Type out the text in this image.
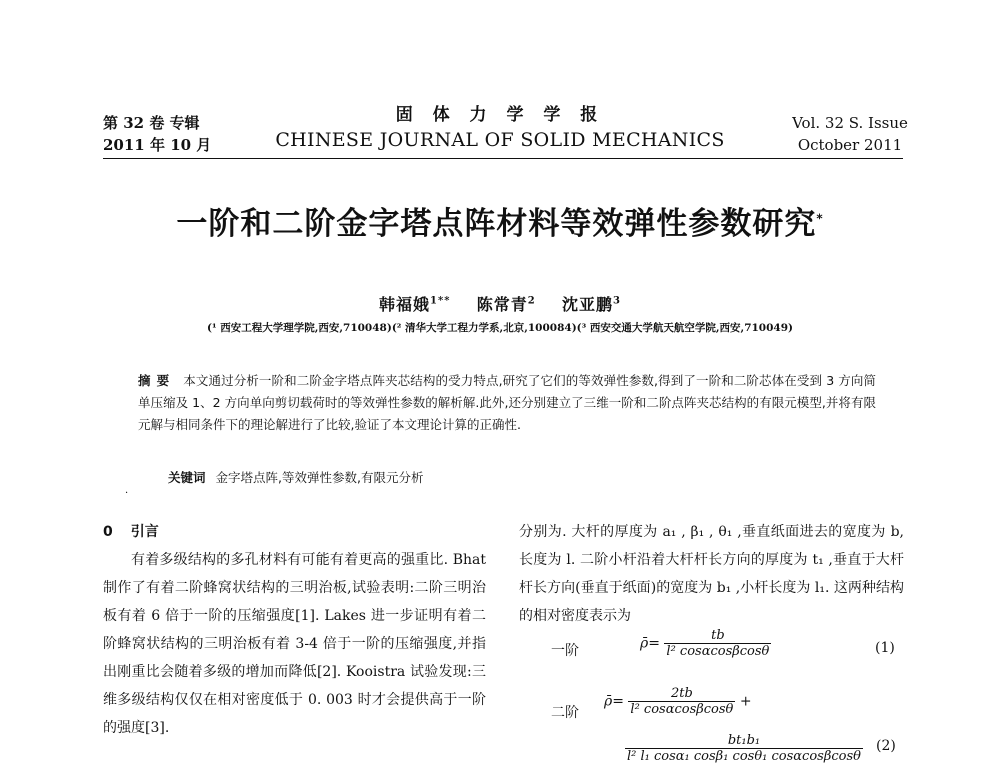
第 32 卷 专辑
2011 年 10 月
固 体 力 学 学 报
CHINESE JOURNAL OF SOLID MECHANICS
Vol. 32 S. Issue
October 2011
一阶和二阶金字塔点阵材料等效弹性参数研究*
韩福娥$^{1**}$ 陈常青$^2$ 沈亚鹏$^3$
(¹ 西安工程大学理学院,西安,710048)(² 清华大学工程力学系,北京,100084)(³ 西安交通大学航天航空学院,西安,710049)
摘要 本文通过分析一阶和二阶金字塔点阵夹芯结构的受力特点,研究了它们的等效弹性参数,得到了一阶和二阶芯体在受到 3 方向简单压缩及 1、2 方向单向剪切载荷时的等效弹性参数的解析解.此外,还分别建立了三维一阶和二阶点阵夹芯结构的有限元模型,并将有限元解与相同条件下的理论解进行了比较,验证了本文理论计算的正确性.
关键词 金字塔点阵,等效弹性参数,有限元分析
·
0 引言
有着多级结构的多孔材料有可能有着更高的强重比. Bhat 制作了有着二阶蜂窝状结构的三明治板,试验表明:二阶三明治板有着 6 倍于一阶的压缩强度[1]. Lakes 进一步证明有着二阶蜂窝状结构的三明治板有着 3-4 倍于一阶的压缩强度,并指出刚重比会随着多级的增加而降低[2]. Kooistra 试验发现:三维多级结构仅仅在相对密度低于 0. 003 时才会提供高于一阶的强度[3].
分别为. 大杆的厚度为 a₁ , β₁ , θ₁ ,垂直纸面进去的宽度为 b,长度为 l. 二阶小杆沿着大杆杆长方向的厚度为 t₁ ,垂直于大杆杆长方向(垂直于纸面)的宽度为 b₁ ,小杆长度为 l₁. 这两种结构的相对密度表示为
一阶	ρ̄= $\frac{tb}{\text{l² cosαcosβcosθ}}$	(1)
二阶
ρ̄= $\frac{2tb}{\text{l² cosαcosβcosθ}}$ +
$\frac{\text{bt₁b₁}}{\text{l² l₁ cosα₁ cosβ₁ cosθ₁ cosαcosβcosθ}} (2)$
